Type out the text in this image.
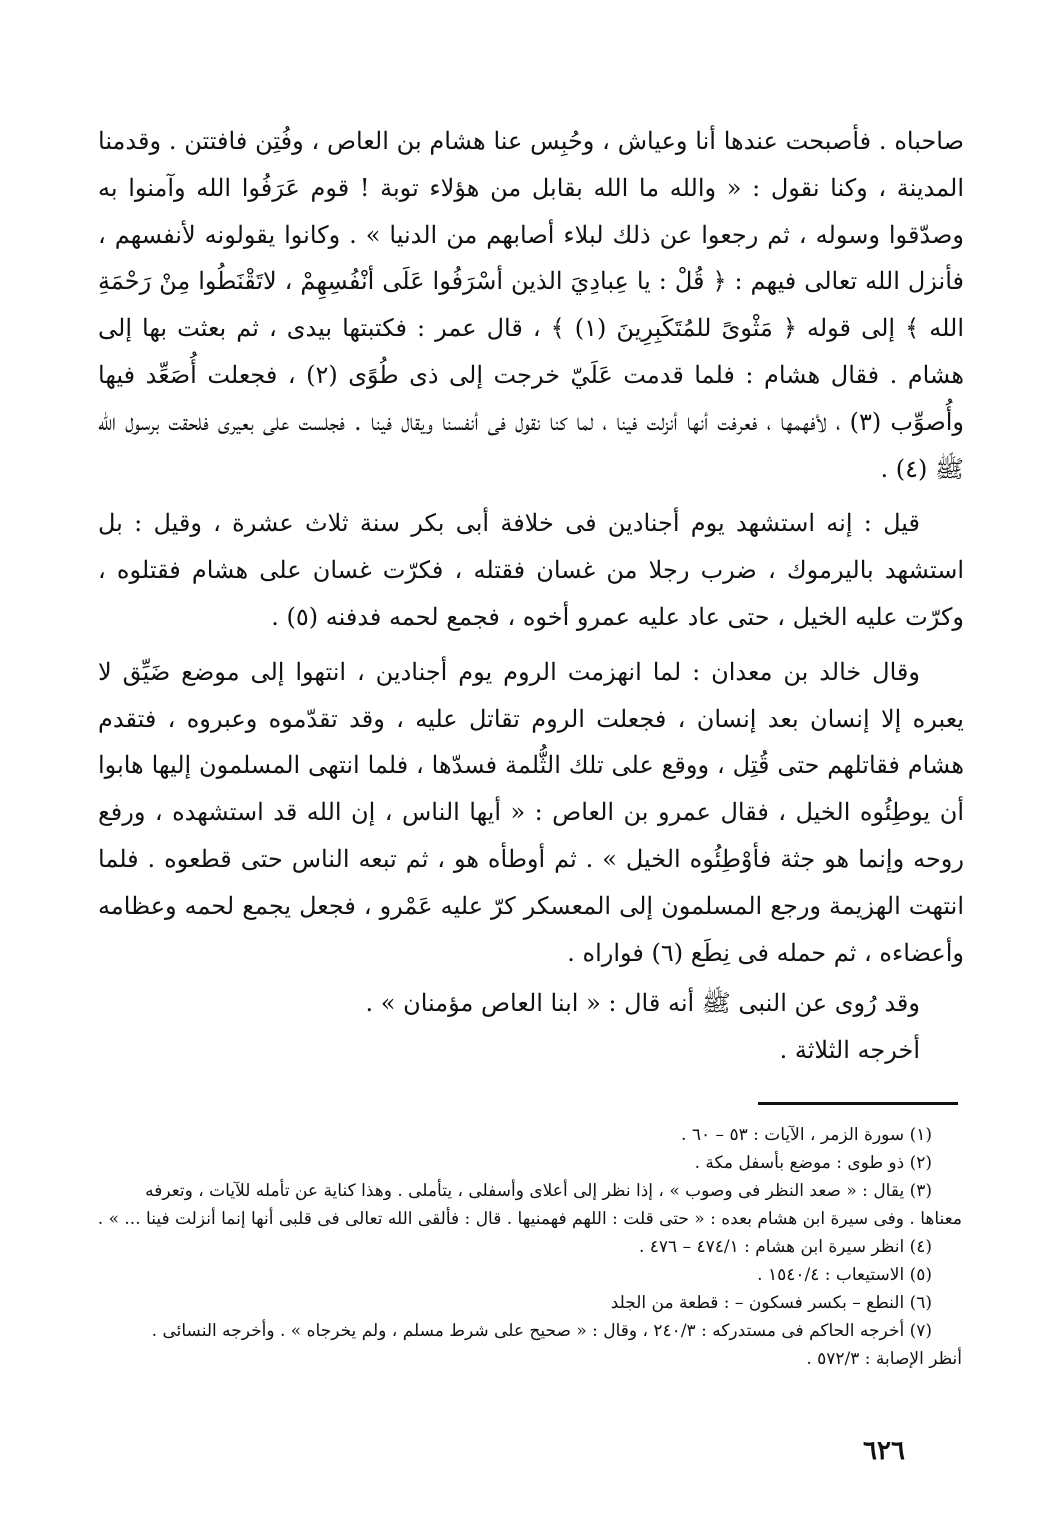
صاحباه . فأصبحت عندها أنا وعياش ، وحُبِس عنا هشام بن العاص ، وفُتِن فافتتن . وقدمنا المدينة ، وكنا نقول : « والله ما الله بقابل من هؤلاء توبة ! قوم عَرَفُوا الله وآمنوا به وصدّقوا وسوله ، ثم رجعوا عن ذلك لبلاء أصابهم من الدنيا » . وكانوا يقولونه لأنفسهم ، فأنزل الله تعالى فيهم : ﴿ قُلْ : يا عِبادِيَ الذين أسْرَفُوا عَلَى أنْفُسِهِمْ ، لاتَقْنَطُوا مِنْ رَحْمَةِ الله ﴾ إلى قوله ﴿ مَثْوىً للمُتَكَبِرِينَ (١) ﴾ ، قال عمر : فكتبتها بيدى ، ثم بعثت بها إلى هشام . فقال هشام : فلما قدمت عَلَيّ خرجت إلى ذى طُوًى (٢) ، فجعلت أُصَعِّد فيها وأُصوِّب (٣) ، لأفهمها ، فعرفت أنها أنزلت فينا ، لما كنا نقول فى أنفسنا ويقال فينا . فجلست على بعيرى فلحقت برسول الله ﷺ (٤) .

قيل : إنه استشهد يوم أجنادين فى خلافة أبى بكر سنة ثلاث عشرة ، وقيل : بل استشهد باليرموك ، ضرب رجلا من غسان فقتله ، فكرّت غسان على هشام فقتلوه ، وكرّت عليه الخيل ، حتى عاد عليه عمرو أخوه ، فجمع لحمه فدفنه (٥) .

وقال خالد بن معدان : لما انهزمت الروم يوم أجنادين ، انتهوا إلى موضع ضَيِّق لا يعبره إلا إنسان بعد إنسان ، فجعلت الروم تقاتل عليه ، وقد تقدّموه وعبروه ، فتقدم هشام فقاتلهم حتى قُتِل ، ووقع على تلك الثُّلمة فسدّها ، فلما انتهى المسلمون إليها هابوا أن يوطِئُوه الخيل ، فقال عمرو بن العاص : « أيها الناس ، إن الله قد استشهده ، ورفع روحه وإنما هو جثة فأوْطِئُوه الخيل » . ثم أوطأه هو ، ثم تبعه الناس حتى قطعوه . فلما انتهت الهزيمة ورجع المسلمون إلى المعسكر كرّ عليه عَمْرو ، فجعل يجمع لحمه وعظامه وأعضاءه ، ثم حمله فى نِطَع (٦) فواراه .

وقد رُوى عن النبى ﷺ أنه قال : « ابنا العاص مؤمنان » .

أخرجه الثلاثة .

(١) سورة الزمر ، الآيات : ٥٣ – ٦٠ .

(٢) ذو طوى : موضع بأسفل مكة .

(٣) يقال : « صعد النظر فى وصوب » ، إذا نظر إلى أعلاى وأسفلى ، يتأملى . وهذا كناية عن تأمله للآيات ، وتعرفه

معناها . وفى سيرة ابن هشام بعده : « حتى قلت : اللهم فهمنيها . قال : فألقى الله تعالى فى قلبى أنها إنما أنزلت فينا ... » .

(٤) انظر سيرة ابن هشام : ٤٧٤/١ – ٤٧٦ .

(٥) الاستيعاب : ١٥٤٠/٤ .

(٦) النطع – بكسر فسكون – : قطعة من الجلد

(٧) أخرجه الحاكم فى مستدركه : ٢٤٠/٣ ، وقال : « صحيح على شرط مسلم ، ولم يخرجاه » . وأخرجه النسائى .

أنظر الإصابة : ٥٧٢/٣ .

٦٢٦
